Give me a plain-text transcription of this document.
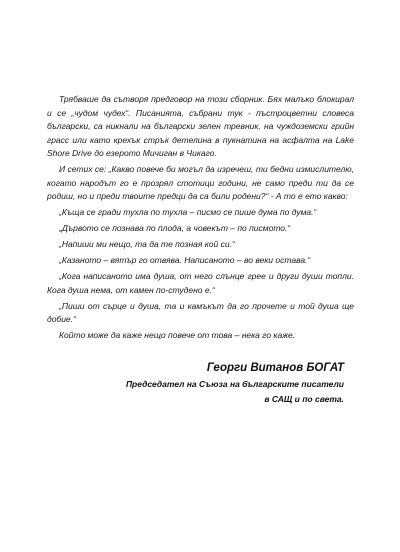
Трябваше да сътворя предговор на този сборник. Бях малъко блокирал и се „чудом чудех“. Писанията, събрани тук - пъстроцветни словеса български, са никнали на български зелен тревник, на чуждоземски грийн грасс или като крехък стрък детелина в пукнатина на асфалта на Lake Shore Drive до езерото Мичиган в Чикаго.

И сетих се: „Какво повече би могъл да изречеш, ти бедни измислителю, когато народът го е прозрял стотици години, не само преди ти да се родиш, но и преди твоите предци да са били родени?“ - А то е ето какво:

„Къща се гради тухла по тухла – писмо се пише дума по дума.“

„Дървото се познава по плода, а човекът – по писмото.“

„Напиши ми нещо, та да те позная кой си.“

„Казаното – вятър го отвява. Написаното – во веки остава.“

„Кога написаното има душа, от него слънце грее и други души топли. Кога душа нема, от камен по-студено е.“

„Пиши от сърце и душа, та и камъкът да го прочете и той душа ще добие.“

Който може да каже нещо повече от това – нека го каже.

Георги Витанов БОГАТ

Председател на Съюза на българските писатели

в САЩ и по света.
